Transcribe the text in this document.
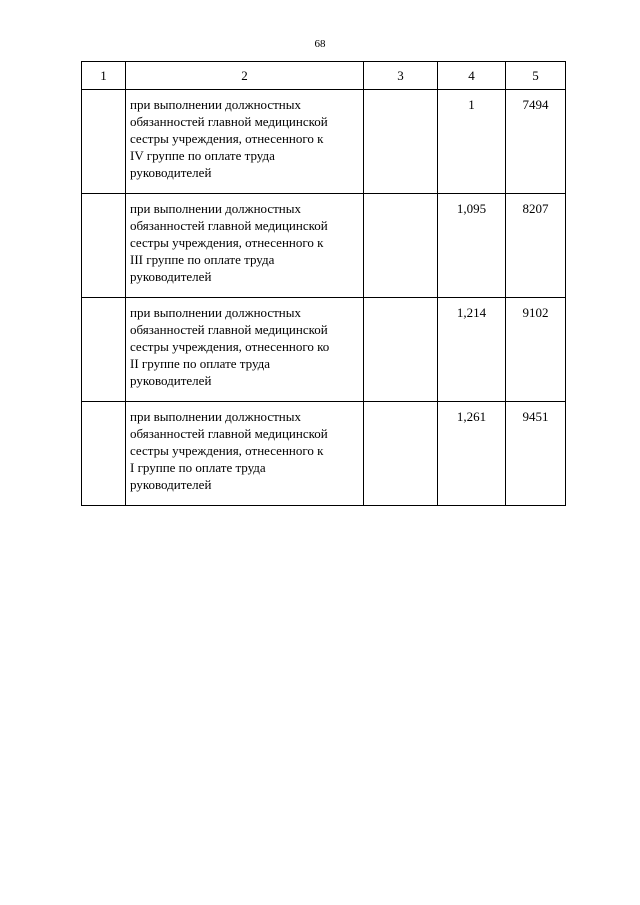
68
1	2	3	4	5

	при выполнении должностных
обязанностей главной медицинской
сестры учреждения, отнесенного к
IV группе по оплате труда
руководителей		1	7494

	при выполнении должностных
обязанностей главной медицинской
сестры учреждения, отнесенного к
III группе по оплате труда
руководителей		1,095	8207

	при выполнении должностных
обязанностей главной медицинской
сестры учреждения, отнесенного ко
II группе по оплате труда
руководителей		1,214	9102

	при выполнении должностных
обязанностей главной медицинской
сестры учреждения, отнесенного к
I группе по оплате труда
руководителей		1,261	9451
